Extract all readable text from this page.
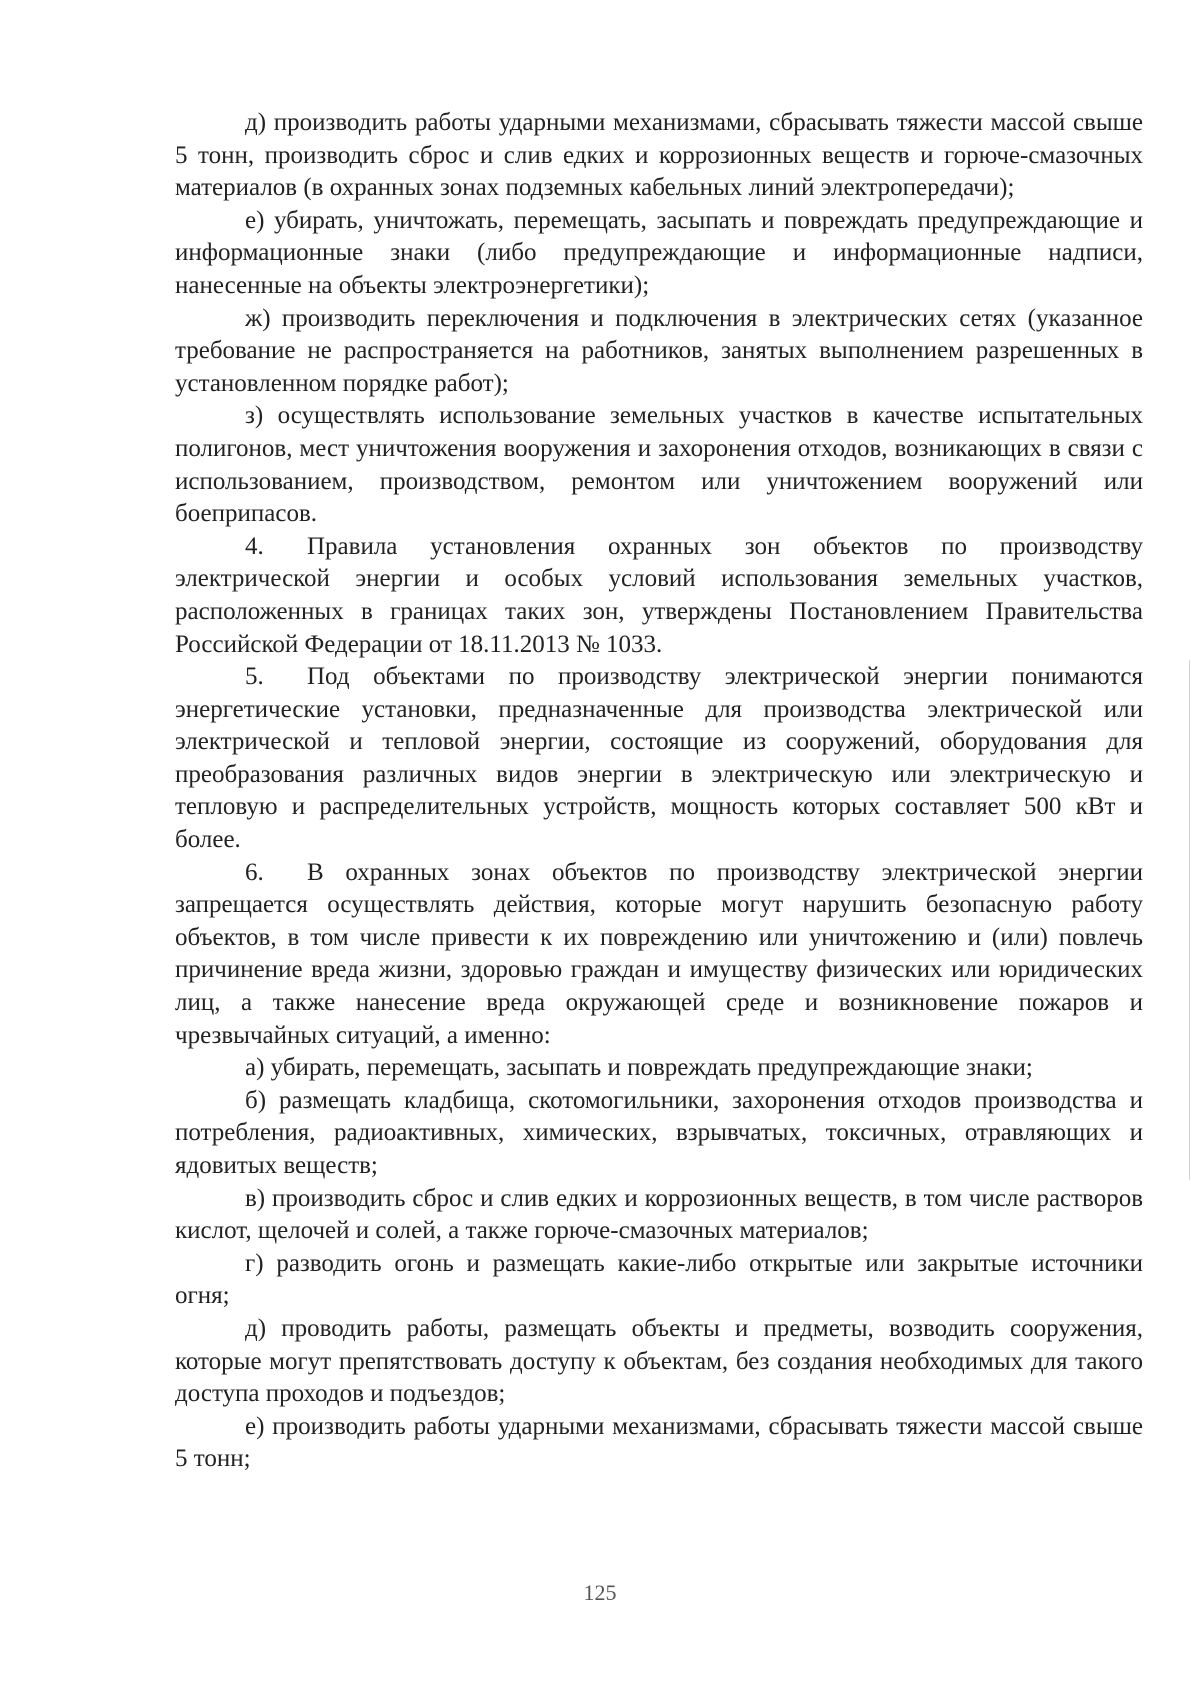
д) производить работы ударными механизмами, сбрасывать тяжести массой свыше 5 тонн, производить сброс и слив едких и коррозионных веществ и горюче-смазочных материалов (в охранных зонах подземных кабельных линий электропередачи);

е) убирать, уничтожать, перемещать, засыпать и повреждать предупреждающие и информационные знаки (либо предупреждающие и информационные надписи, нанесенные на объекты электроэнергетики);

ж) производить переключения и подключения в электрических сетях (указанное требование не распространяется на работников, занятых выполнением разрешенных в установленном порядке работ);

з) осуществлять использование земельных участков в качестве испытательных полигонов, мест уничтожения вооружения и захоронения отходов, возникающих в связи с использованием, производством, ремонтом или уничтожением вооружений или боеприпасов.

4. Правила установления охранных зон объектов по производству электрической энергии и особых условий использования земельных участков, расположенных в границах таких зон, утверждены Постановлением Правительства Российской Федерации от 18.11.2013 № 1033.

5. Под объектами по производству электрической энергии понимаются энергетические установки, предназначенные для производства электрической или электрической и тепловой энергии, состоящие из сооружений, оборудования для преобразования различных видов энергии в электрическую или электрическую и тепловую и распределительных устройств, мощность которых составляет 500 кВт и более.

6. В охранных зонах объектов по производству электрической энергии запрещается осуществлять действия, которые могут нарушить безопасную работу объектов, в том числе привести к их повреждению или уничтожению и (или) повлечь причинение вреда жизни, здоровью граждан и имуществу физических или юридических лиц, а также нанесение вреда окружающей среде и возникновение пожаров и чрезвычайных ситуаций, а именно:

а) убирать, перемещать, засыпать и повреждать предупреждающие знаки;

б) размещать кладбища, скотомогильники, захоронения отходов производства и потребления, радиоактивных, химических, взрывчатых, токсичных, отравляющих и ядовитых веществ;

в) производить сброс и слив едких и коррозионных веществ, в том числе растворов кислот, щелочей и солей, а также горюче-смазочных материалов;

г) разводить огонь и размещать какие-либо открытые или закрытые источники огня;

д) проводить работы, размещать объекты и предметы, возводить сооружения, которые могут препятствовать доступу к объектам, без создания необходимых для такого доступа проходов и подъездов;

е) производить работы ударными механизмами, сбрасывать тяжести массой свыше 5 тонн;

125
